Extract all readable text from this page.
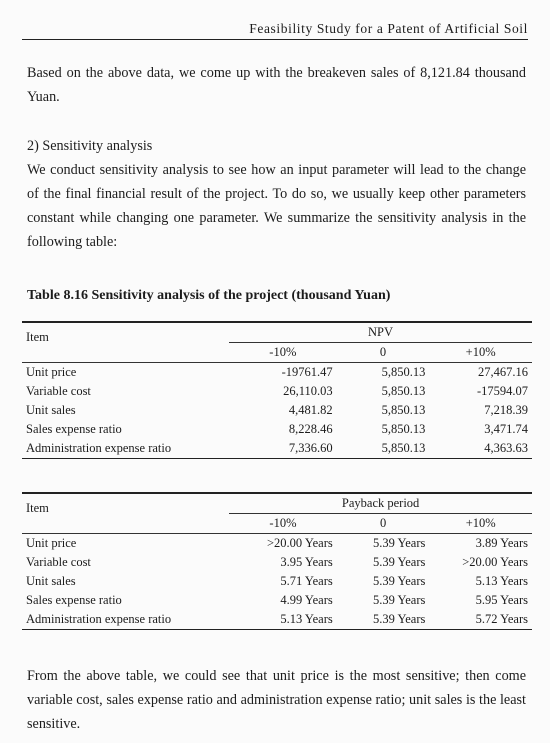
Feasibility Study for a Patent of Artificial Soil
Based on the above data, we come up with the breakeven sales of 8,121.84 thousand Yuan.
2) Sensitivity analysis
We conduct sensitivity analysis to see how an input parameter will lead to the change of the final financial result of the project. To do so, we usually keep other parameters constant while changing one parameter. We summarize the sensitivity analysis in the following table:
Table 8.16 Sensitivity analysis of the project (thousand Yuan)
Item	NPV		
	-10%	0	+10%
Unit price	-19761.47	5,850.13	27,467.16
Variable cost	26,110.03	5,850.13	-17594.07
Unit sales	4,481.82	5,850.13	7,218.39
Sales expense ratio	8,228.46	5,850.13	3,471.74
Administration expense ratio	7,336.60	5,850.13	4,363.63
Item	Payback period		
	-10%	0	+10%
Unit price	>20.00 Years	5.39 Years	3.89 Years
Variable cost	3.95 Years	5.39 Years	>20.00 Years
Unit sales	5.71 Years	5.39 Years	5.13 Years
Sales expense ratio	4.99 Years	5.39 Years	5.95 Years
Administration expense ratio	5.13 Years	5.39 Years	5.72 Years
From the above table, we could see that unit price is the most sensitive; then come variable cost, sales expense ratio and administration expense ratio; unit sales is the least sensitive.
